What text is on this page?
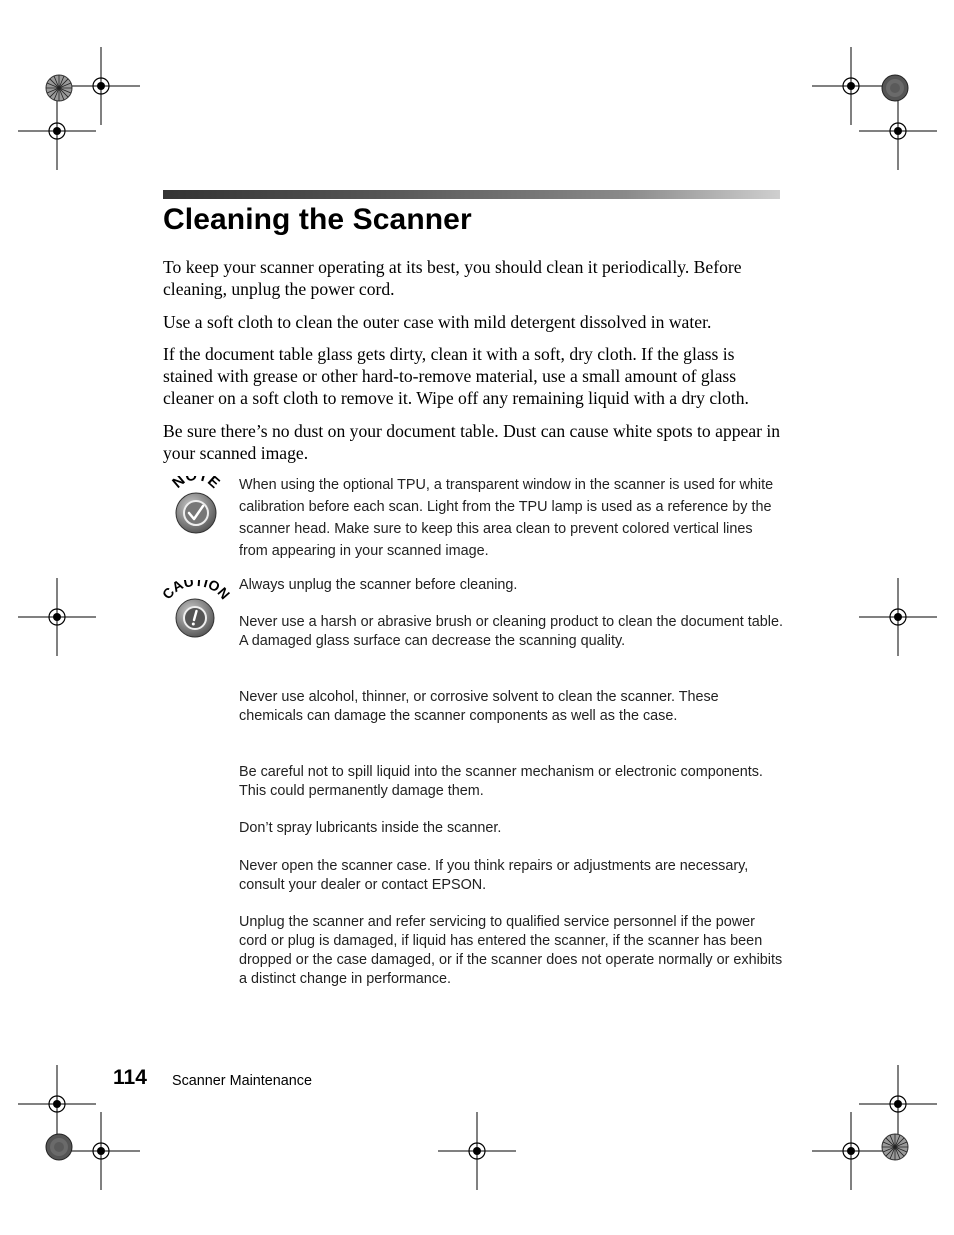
Cleaning the Scanner

To keep your scanner operating at its best, you should clean it periodically. Before cleaning, unplug the power cord.

Use a soft cloth to clean the outer case with mild detergent dissolved in water.

If the document table glass gets dirty, clean it with a soft, dry cloth. If the glass is stained with grease or other hard-to-remove material, use a small amount of glass cleaner on a soft cloth to remove it. Wipe off any remaining liquid with a dry cloth.

Be sure there’s no dust on your document table. Dust can cause white spots to appear in your scanned image.

N TE When using the optional TPU, a transparent window in the scanner is used for white calibration before each scan. Light from the TPU lamp is used as a reference by the scanner head. Make sure to keep this area clean to prevent colored vertical lines from appearing in your scanned image.

AUTIO	Always unplug the scanner before cleaning.

Never use a harsh or abrasive brush or cleaning product to clean the document table. A damaged glass surface can decrease the scanning quality.

Never use alcohol, thinner, or corrosive solvent to clean the scanner. These chemicals can damage the scanner components as well as the case.

Be careful not to spill liquid into the scanner mechanism or electronic components. This could permanently damage them.

Don’t spray lubricants inside the scanner.

Never open the scanner case. If you think repairs or adjustments are necessary, consult your dealer or contact EPSON.

Unplug the scanner and refer servicing to qualified service personnel if the power cord or plug is damaged, if liquid has entered the scanner, if the scanner has been dropped or the case damaged, or if the scanner does not operate normally or exhibits a distinct change in performance.

114 Scanner Maintenance
